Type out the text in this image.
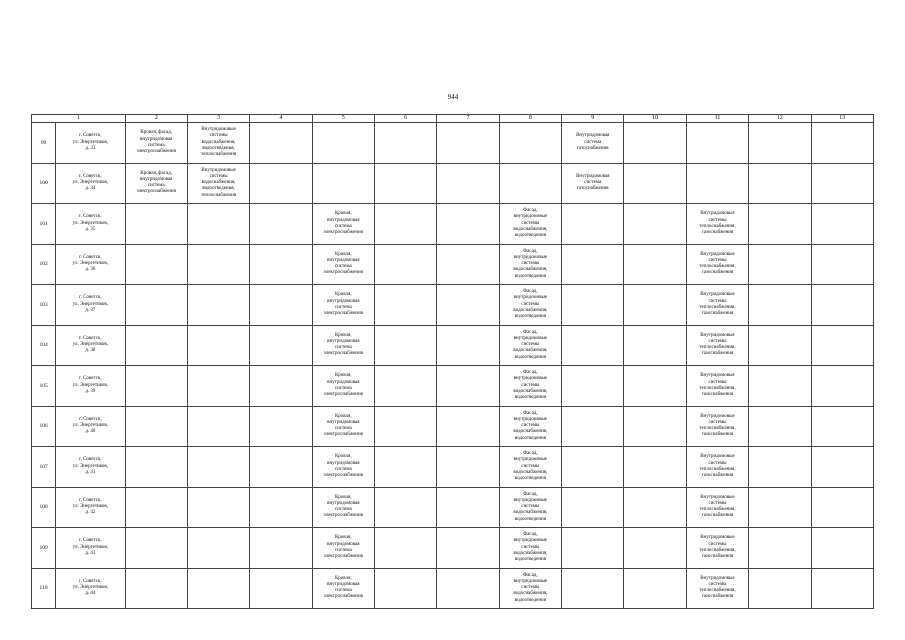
944
1		2	3	4	5	6	7	8	9	10	11	12	13
99	г. Советск,
ул. Энергетиков,
д. 33	Кровля, фасад,
внутридомовая
система
электроснабжения	Внутридомовые
системы
водоснабжения,
водоотведения,
теплоснабжения						Внутридомовая
система
газоснабжения				
100	г. Советск,
ул. Энергетиков,
д. 34	Кровля, фасад,
внутридомовая
система
электроснабжения	Внутридомовые
системы
водоснабжения,
водоотведения,
теплоснабжения						Внутридомовая
система
газоснабжения				
101	г. Советск,
ул. Энергетиков,
д. 35				Кровля,
внутридомовая
система
электроснабжения			Фасад,
внутридомовые
системы
водоснабжения,
водоотведения			Внутридомовые
системы
теплоснабжения,
газоснабжения		
102	г. Советск,
ул. Энергетиков,
д. 36				Кровля,
внутридомовая
система
электроснабжения			Фасад,
внутридомовые
системы
водоснабжения,
водоотведения			Внутридомовые
системы
теплоснабжения,
газоснабжения		
103	г. Советск,
ул. Энергетиков,
д. 37				Кровля,
внутридомовая
система
электроснабжения			Фасад,
внутридомовые
системы
водоснабжения,
водоотведения			Внутридомовые
системы
теплоснабжения,
газоснабжения		
104	г. Советск,
ул. Энергетиков,
д. 38				Кровля,
внутридомовая
система
электроснабжения			Фасад,
внутридомовые
системы
водоснабжения,
водоотведения			Внутридомовые
системы
теплоснабжения,
газоснабжения		
105	г. Советск,
ул. Энергетиков,
д. 39				Кровля,
внутридомовая
система
электроснабжения			Фасад,
внутридомовые
системы
водоснабжения,
водоотведения			Внутридомовые
системы
теплоснабжения,
газоснабжения		
106	г. Советск,
ул. Энергетиков,
д. 40				Кровля,
внутридомовая
система
электроснабжения			Фасад,
внутридомовые
системы
водоснабжения,
водоотведения			Внутридомовые
системы
теплоснабжения,
газоснабжения		
107	г. Советск,
ул. Энергетиков,
д. 41				Кровля,
внутридомовая
система
электроснабжения			Фасад,
внутридомовые
системы
водоснабжения,
водоотведения			Внутридомовые
системы
теплоснабжения,
газоснабжения		
108	г. Советск,
ул. Энергетиков,
д. 42				Кровля,
внутридомовая
система
электроснабжения			Фасад,
внутридомовые
системы
водоснабжения,
водоотведения			Внутридомовые
системы
теплоснабжения,
газоснабжения		
109	г. Советск,
ул. Энергетиков,
д. 43				Кровля,
внутридомовая
система
электроснабжения			Фасад,
внутридомовые
системы
водоснабжения,
водоотведения			Внутридомовые
системы
теплоснабжения,
газоснабжения		
110	г. Советск,
ул. Энергетиков,
д. 44				Кровля,
внутридомовая
система
электроснабжения			Фасад,
внутридомовые
системы
водоснабжения,
водоотведения			Внутридомовые
системы
теплоснабжения,
газоснабжения		
